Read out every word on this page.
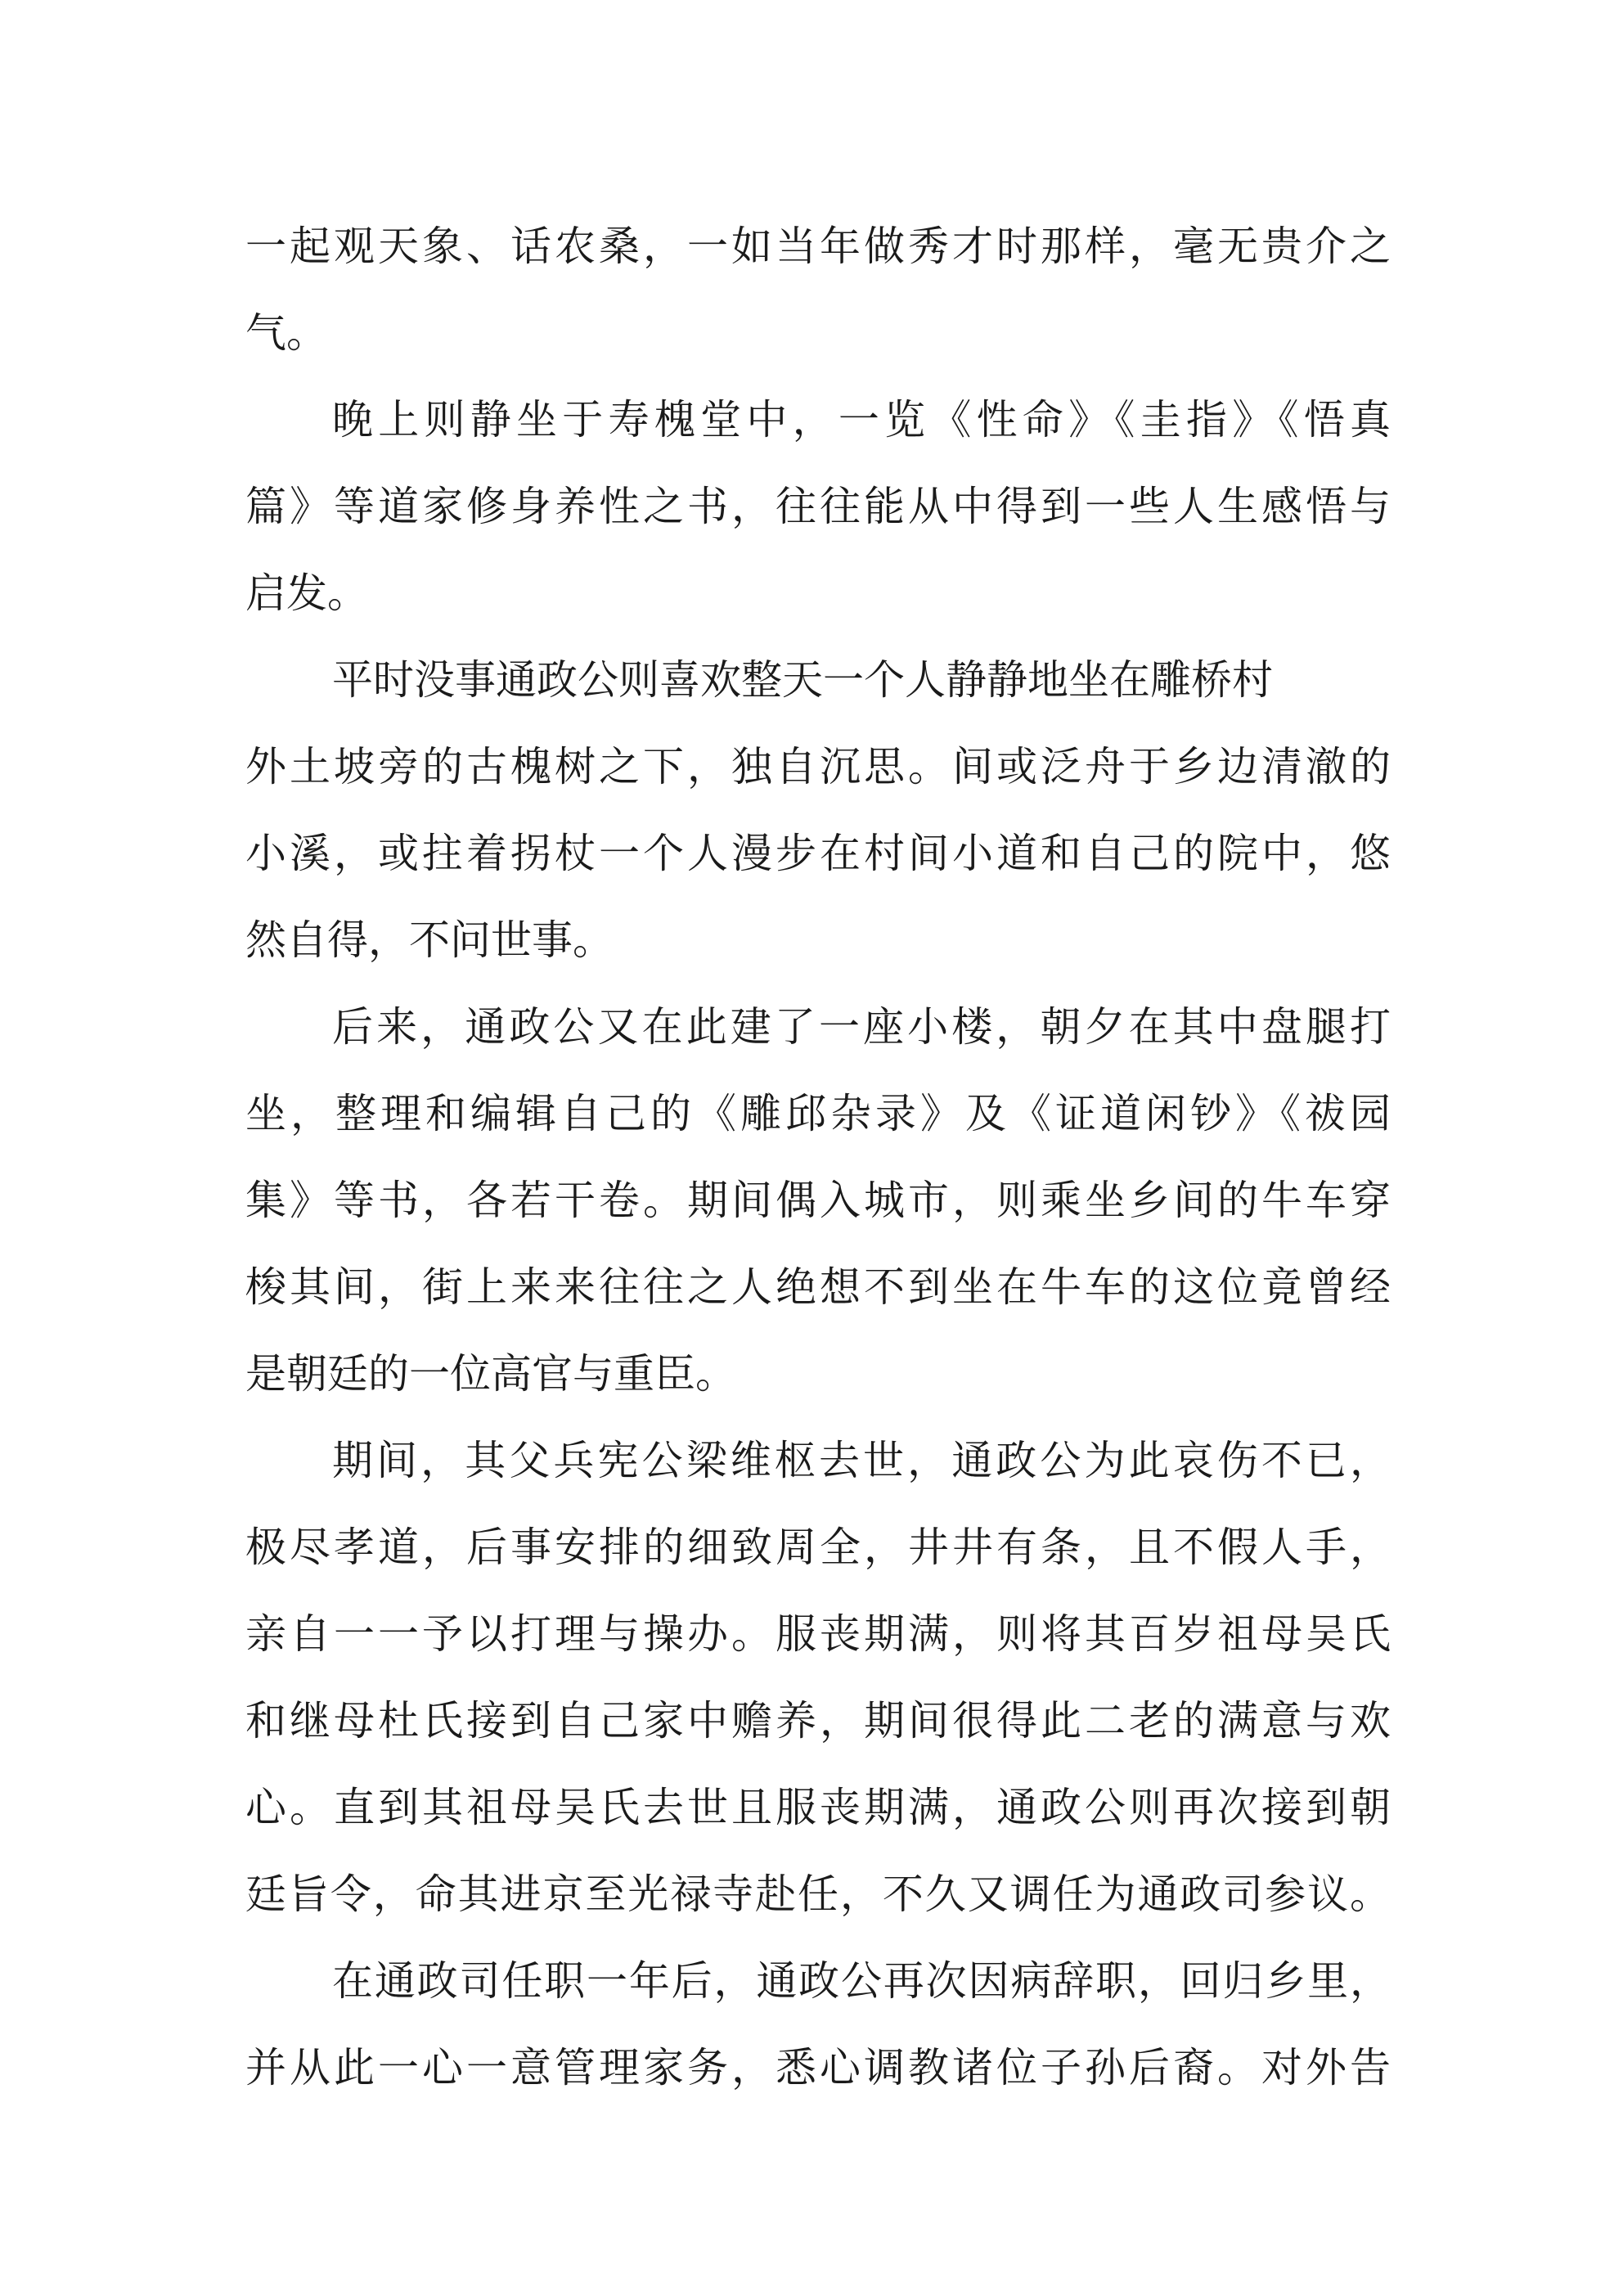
一起观天象、话农桑，一如当年做秀才时那样，毫无贵介之
气。
晚上则静坐于寿槐堂中，一览《性命》《圭指》《悟真
篇》等道家修身养性之书，往往能从中得到一些人生感悟与
启发。
平时没事通政公则喜欢整天一个人静静地坐在雕桥村
外土坡旁的古槐树之下，独自沉思。间或泛舟于乡边清澈的
小溪，或拄着拐杖一个人漫步在村间小道和自己的院中，悠
然自得，不问世事。
后来，通政公又在此建了一座小楼，朝夕在其中盘腿打
坐，整理和编辑自己的《雕邱杂录》及《证道闲钞》《祓园
集》等书，各若干卷。期间偶入城市，则乘坐乡间的牛车穿
梭其间，街上来来往往之人绝想不到坐在牛车的这位竟曾经
是朝廷的一位高官与重臣。
期间，其父兵宪公梁维枢去世，通政公为此哀伤不已，
极尽孝道，后事安排的细致周全，井井有条，且不假人手，
亲自一一予以打理与操办。服丧期满，则将其百岁祖母吴氏
和继母杜氏接到自己家中赡养，期间很得此二老的满意与欢
心。直到其祖母吴氏去世且服丧期满，通政公则再次接到朝
廷旨令，命其进京至光禄寺赴任，不久又调任为通政司参议。
在通政司任职一年后，通政公再次因病辞职，回归乡里，
并从此一心一意管理家务，悉心调教诸位子孙后裔。对外告
